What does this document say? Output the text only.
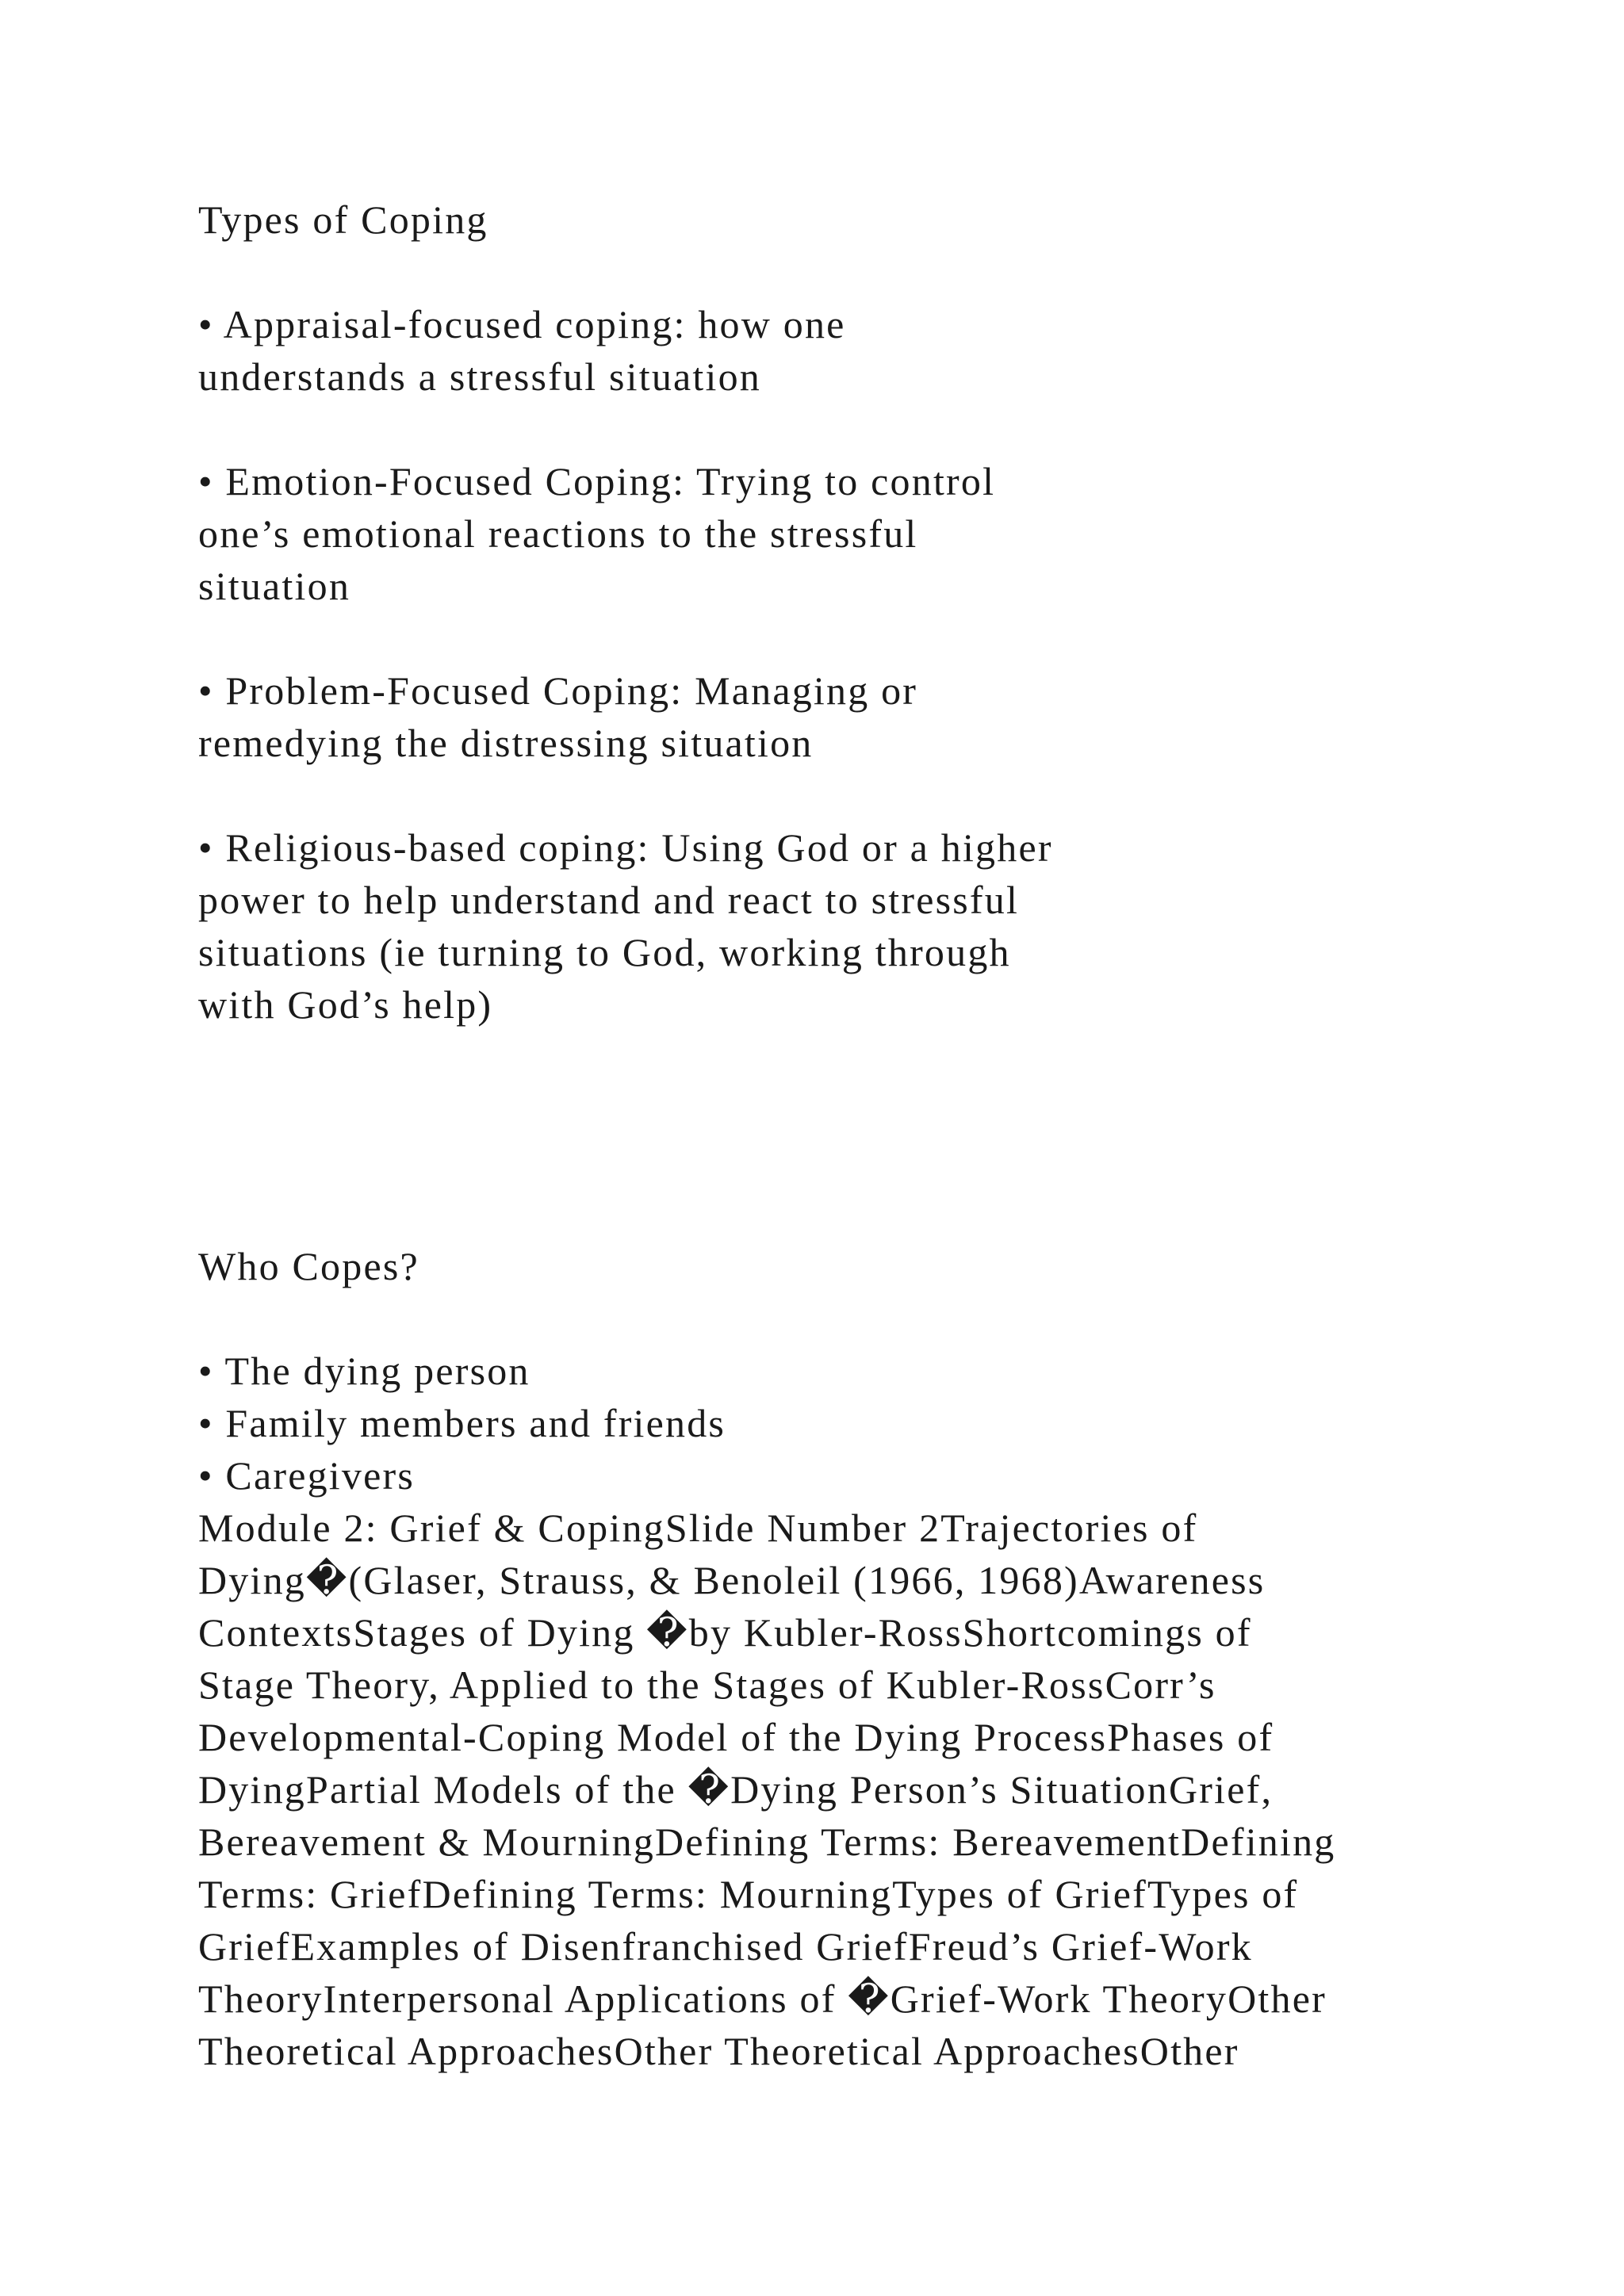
Types of Coping
• Appraisal-focused coping: how one
understands a stressful situation
• Emotion-Focused Coping: Trying to control
one’s emotional reactions to the stressful
situation
• Problem-Focused Coping: Managing or
remedying the distressing situation
• Religious-based coping: Using God or a higher
power to help understand and react to stressful
situations (ie turning to God, working through
with God’s help)
Who Copes?
• The dying person
• Family members and friends
• Caregivers
Module 2: Grief & CopingSlide Number 2Trajectories of
Dying�(Glaser, Strauss, & Benoleil (1966, 1968)Awareness
ContextsStages of Dying �by Kubler-RossShortcomings of
Stage Theory, Applied to the Stages of Kubler-RossCorr’s
Developmental-Coping Model of the Dying ProcessPhases of
DyingPartial Models of the �Dying Person’s SituationGrief,
Bereavement & MourningDefining Terms: BereavementDefining
Terms: GriefDefining Terms: MourningTypes of GriefTypes of
GriefExamples of Disenfranchised GriefFreud’s Grief-Work
TheoryInterpersonal Applications of �Grief-Work TheoryOther
Theoretical ApproachesOther Theoretical ApproachesOther
